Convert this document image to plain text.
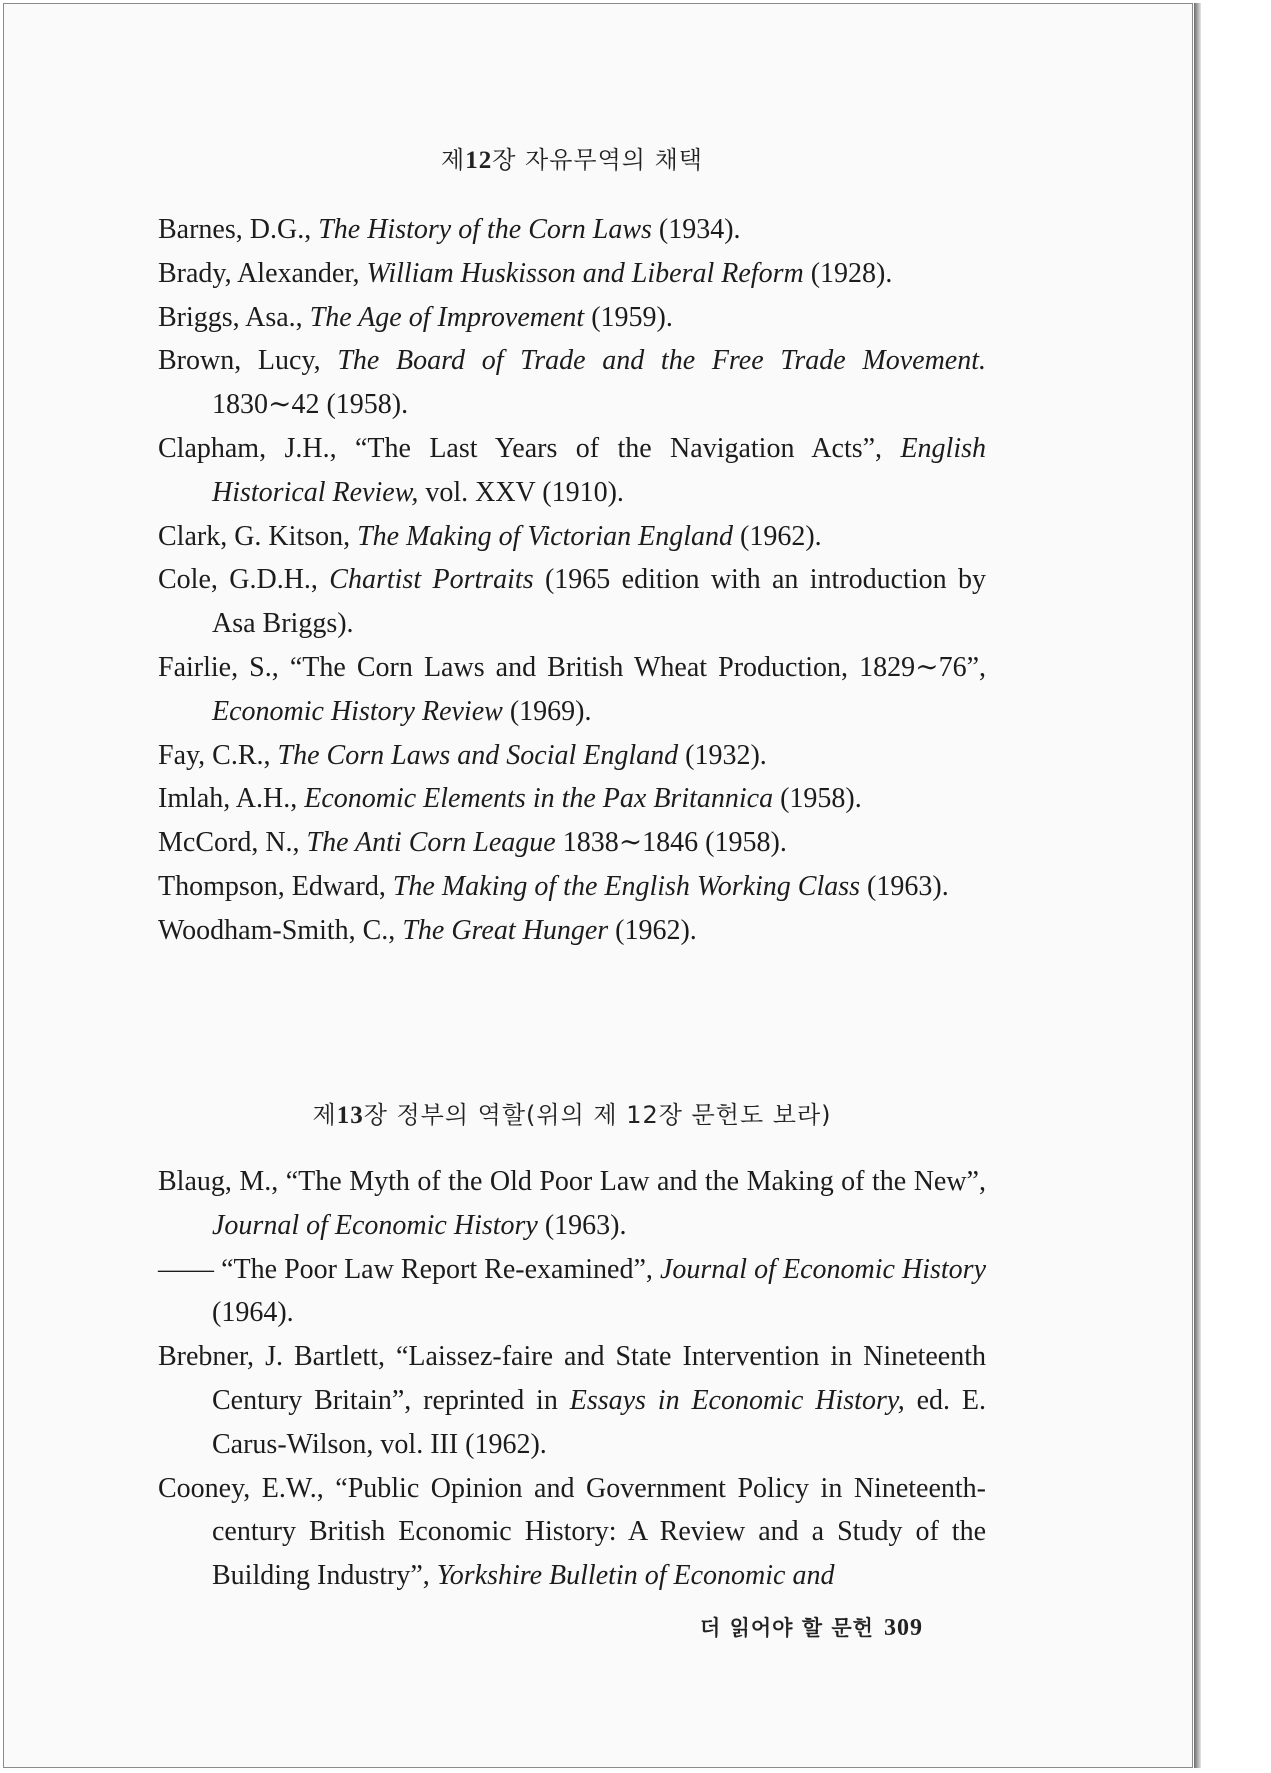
제12장 자유무역의 채택
Barnes, D.G., The History of the Corn Laws (1934).
Brady, Alexander, William Huskisson and Liberal Reform (1928).
Briggs, Asa., The Age of Improvement (1959).
Brown, Lucy, The Board of Trade and the Free Trade Movement. 1830∼42 (1958).
Clapham, J.H., “The Last Years of the Navigation Acts”, English Historical Review, vol. XXV (1910).
Clark, G. Kitson, The Making of Victorian England (1962).
Cole, G.D.H., Chartist Portraits (1965 edition with an introduction by Asa Briggs).
Fairlie, S., “The Corn Laws and British Wheat Production, 1829∼76”, Economic History Review (1969).
Fay, C.R., The Corn Laws and Social England (1932).
Imlah, A.H., Economic Elements in the Pax Britannica (1958).
McCord, N., The Anti Corn League 1838∼1846 (1958).
Thompson, Edward, The Making of the English Working Class (1963).
Woodham-Smith, C., The Great Hunger (1962).
제13장 정부의 역할(위의 제 12장 문헌도 보라)
Blaug, M., “The Myth of the Old Poor Law and the Making of the New”, Journal of Economic History (1963).
—— “The Poor Law Report Re-examined”, Journal of Economic History (1964).
Brebner, J. Bartlett, “Laissez-faire and State Intervention in Nineteenth Century Britain”, reprinted in Essays in Economic History, ed. E. Carus-Wilson, vol. III (1962).
Cooney, E.W., “Public Opinion and Government Policy in Nineteenth-century British Economic History: A Review and a Study of the Building Industry”, Yorkshire Bulletin of Economic and
더 읽어야 할 문헌 309
